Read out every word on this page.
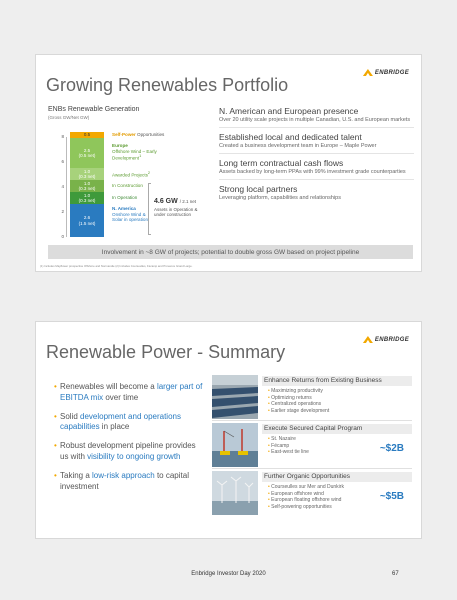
Growing Renewables Portfolio
ENBRIDGE
ENBs Renewable Generation
(Gross GW/Net GW)
8
6
4
2
0
0.5
2.5
(0.5 net)
1.0
(0.3 net)
1.0
(0.3 net)
1.0
(0.3 net)
2.6
(1.5 net)
Self-Power Opportunities
Europe
Offshore Wind – Early Development$^1$
Awarded Projects$^2$
In Construction
In Operation
N. America
Onshore Wind & Solar in operation
4.6 GW / 2.1 net
Assets in Operation & under construction
N. American and European presence
Over 20 utility scale projects in multiple Canadian, U.S. and European markets
Established local and dedicated talent
Created a business development team in Europe – Maple Power
Long term contractual cash flows
Assets backed by long-term PPAs with 99% investment grade counterparties
Strong local partners
Leveraging platform, capabilities and relationships
Involvement in ~8 GW of projects; potential to double gross GW based on project pipeline
(1) Includes Mayflower prospective Offshore and Normandie (2) Includes Courseulles, Fécamp and Provence Grand Large.
Renewable Power - Summary
ENBRIDGE
• Renewables will become a larger part of EBITDA mix over time
• Solid development and operations capabilities in place
• Robust development pipeline provides us with visibility to ongoing growth
• Taking a low-risk approach to capital investment
Enhance Returns from Existing Business
• Maximizing productivity
• Optimizing returns
• Centralized operations
• Earlier stage development
Execute Secured Capital Program
• St. Nazaire
• Fécamp
• East-west tie line	~$2B
Further Organic Opportunities
• Courseulles sur Mer and Dunkirk
• European offshore wind
• European floating offshore wind
• Self-powering opportunities
~$5B
Enbridge Investor Day 2020	67
